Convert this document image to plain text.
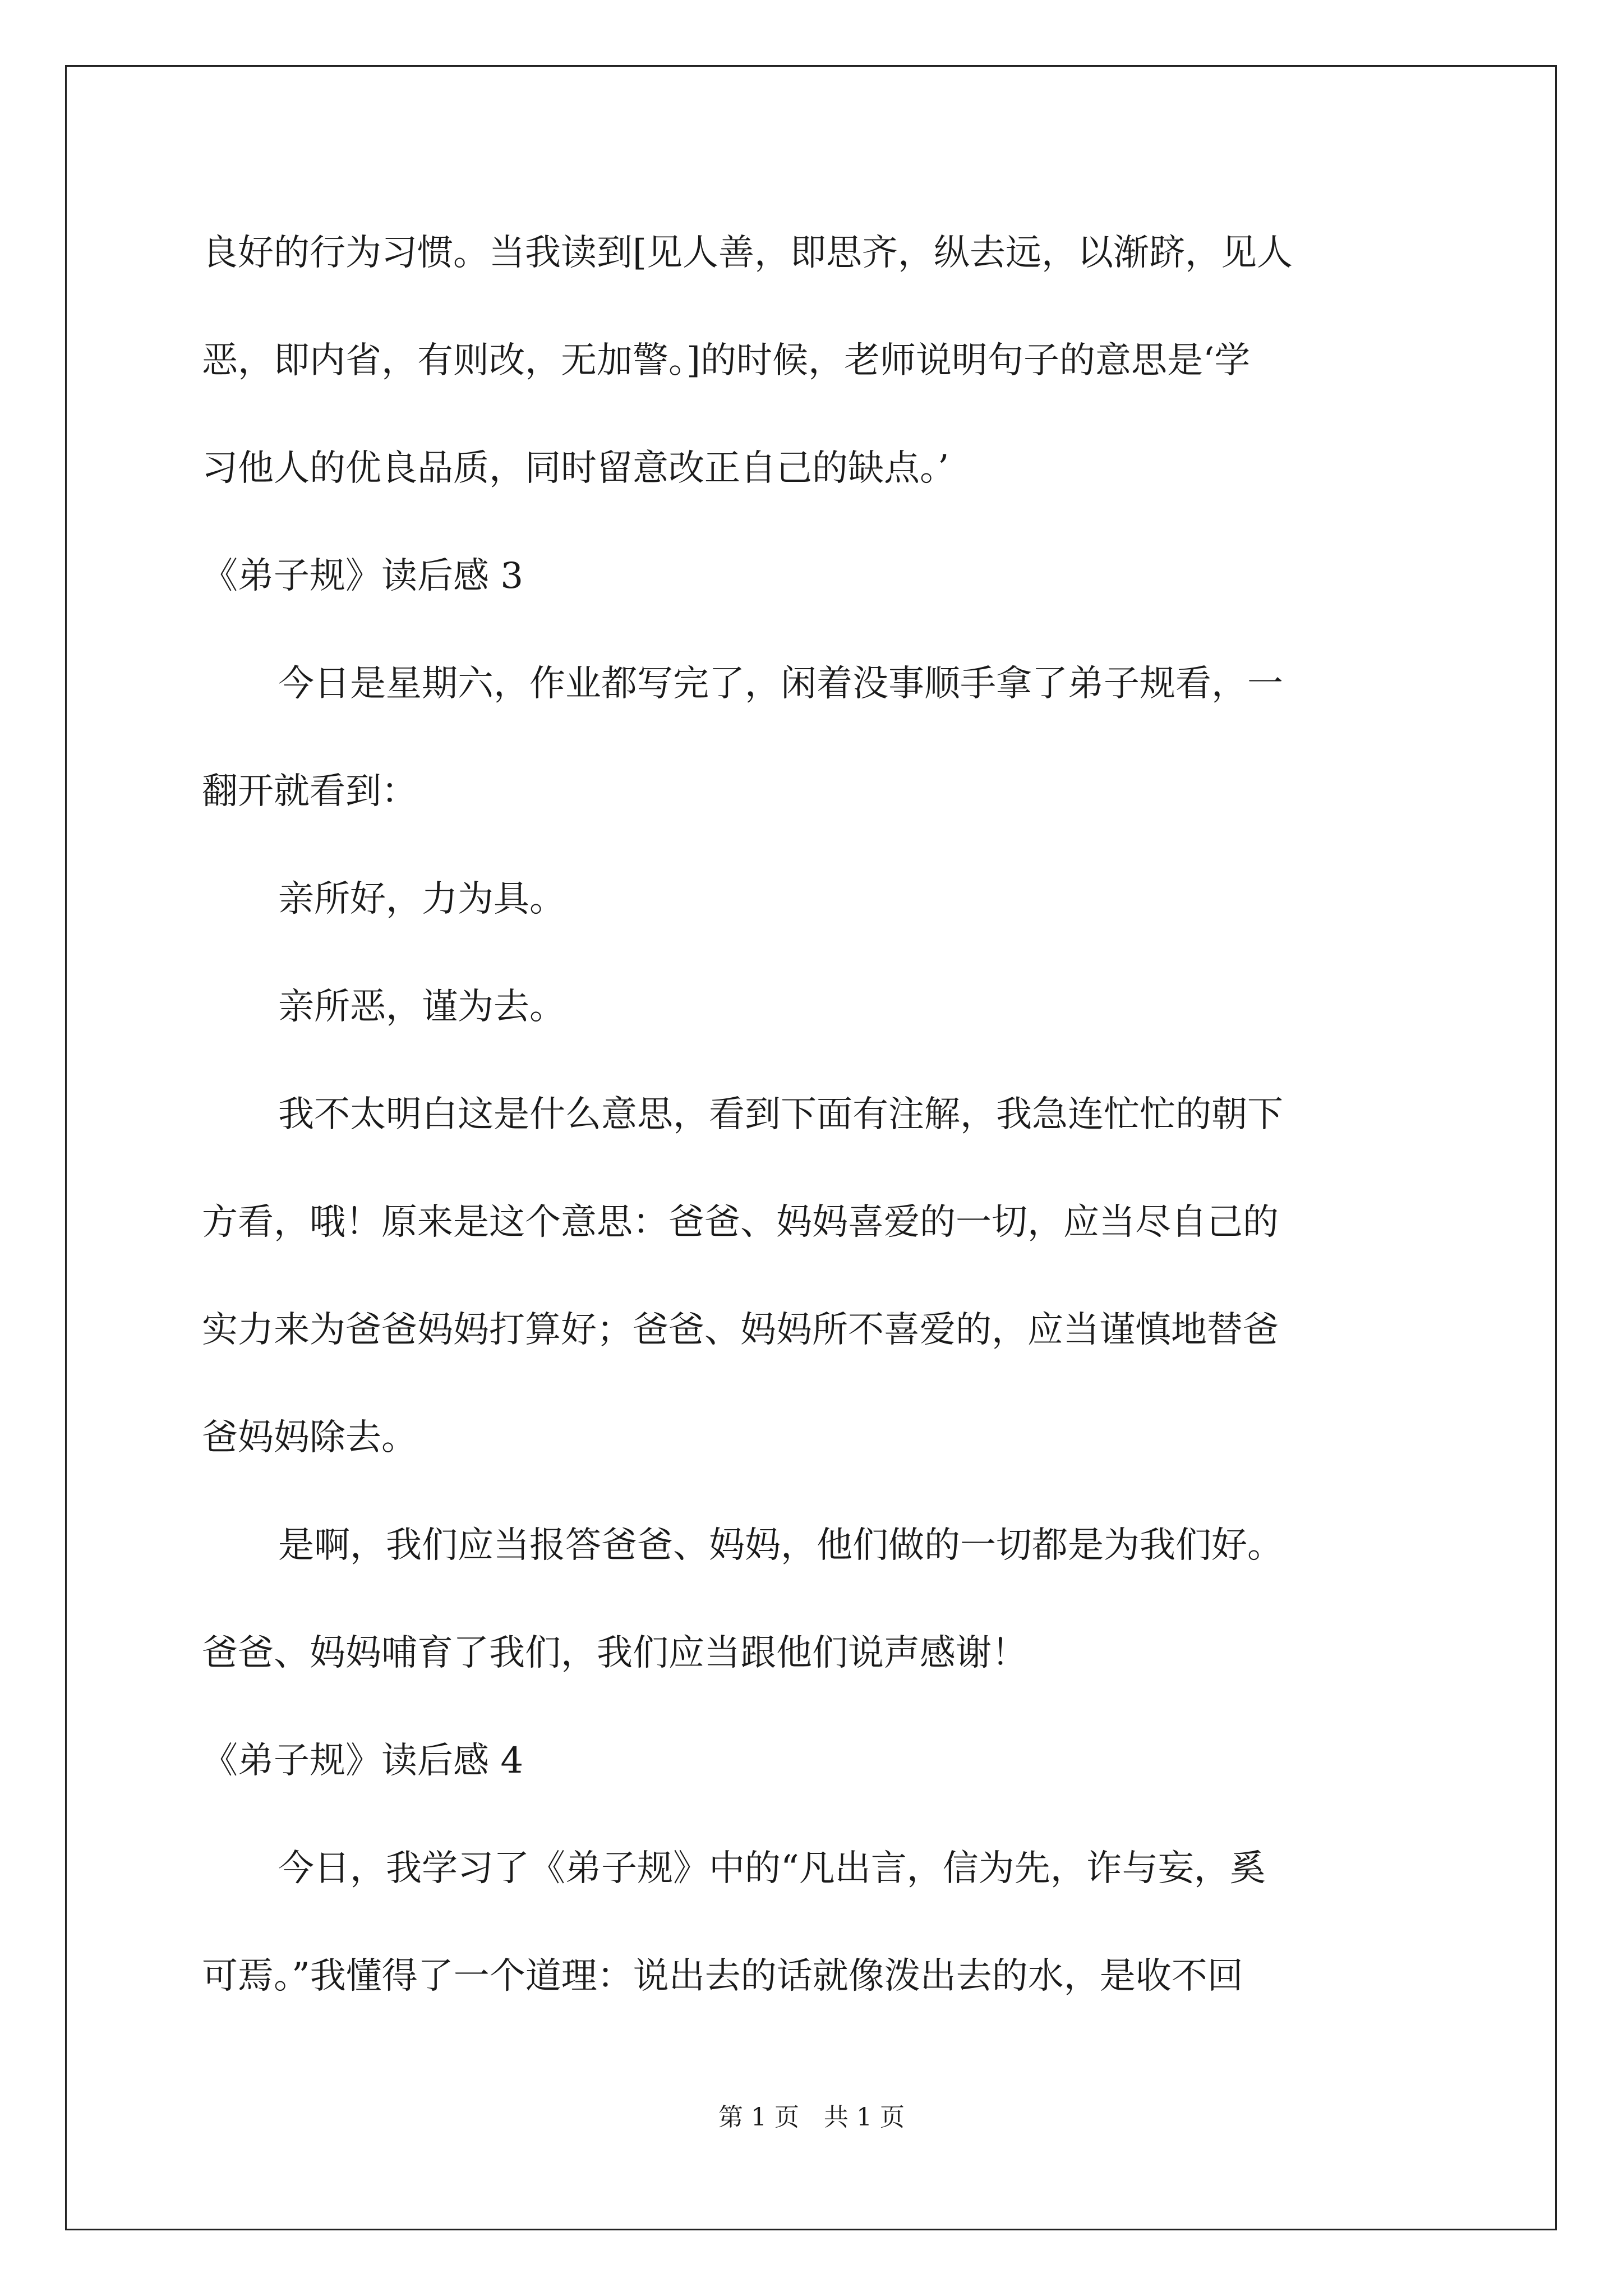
良好的行为习惯。当我读到[见人善，即思齐，纵去远，以渐跻，见人

恶，即内省，有则改，无加警。]的时候，老师说明句子的意思是‘学

习他人的优良品质，同时留意改正自己的缺点。’

《弟子规》读后感 3

今日是星期六，作业都写完了，闲着没事顺手拿了弟子规看，一

翻开就看到：

亲所好，力为具。

亲所恶，谨为去。

我不太明白这是什么意思，看到下面有注解，我急连忙忙的朝下

方看，哦！原来是这个意思：爸爸、妈妈喜爱的一切，应当尽自己的

实力来为爸爸妈妈打算好；爸爸、妈妈所不喜爱的，应当谨慎地替爸

爸妈妈除去。

是啊，我们应当报答爸爸、妈妈，他们做的一切都是为我们好。

爸爸、妈妈哺育了我们，我们应当跟他们说声感谢！

《弟子规》读后感 4

今日，我学习了《弟子规》中的“凡出言，信为先，诈与妄，奚

可焉。”我懂得了一个道理：说出去的话就像泼出去的水，是收不回

第 1 页　共 1 页
